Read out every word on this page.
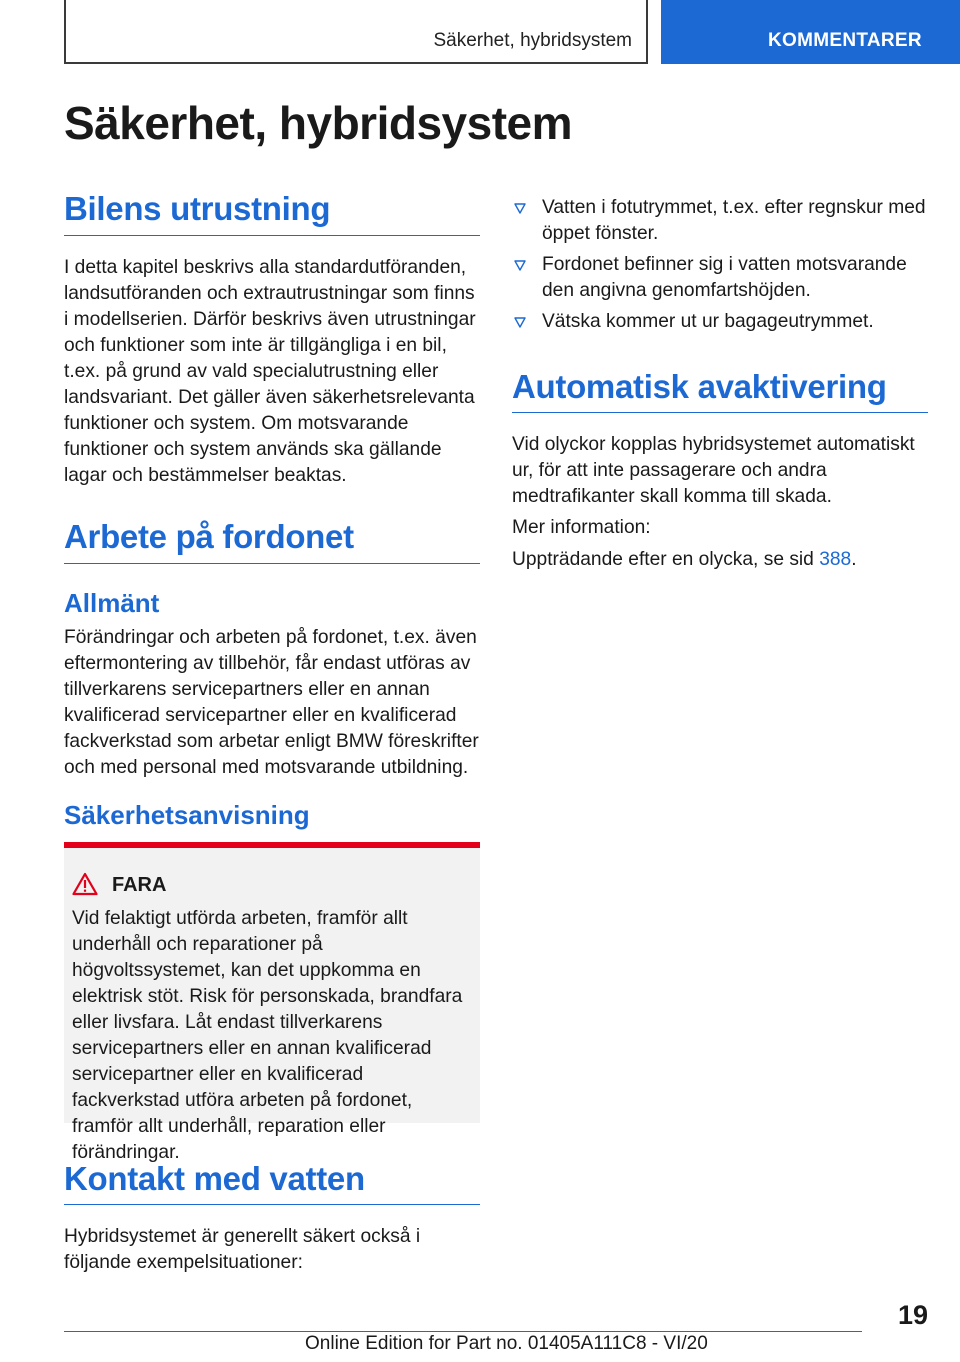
Säkerhet, hybridsystem	KOMMENTARER
Säkerhet, hybridsystem
Bilens utrustning

I detta kapitel beskrivs alla standardutföranden, landsutföranden och extrautrustningar som finns i modellserien. Därför beskrivs även utrustningar och funktioner som inte är tillgängliga i en bil, t.ex. på grund av vald specialutrustning eller landsvariant. Det gäller även säkerhetsrelevanta funktioner och system. Om motsvarande funktioner och system används ska gällande lagar och bestämmelser beaktas.

Arbete på fordonet
Allmänt

Förändringar och arbeten på fordonet, t.ex. även eftermontering av tillbehör, får endast utföras av tillverkarens servicepartners eller en annan kvalificerad servicepartner eller en kvalificerad fackverkstad som arbetar enligt BMW föreskrifter och med personal med motsvarande utbildning.

Säkerhetsanvisning
FARA

Vid felaktigt utförda arbeten, framför allt underhåll och reparationer på högvoltssystemet, kan det uppkomma en elektrisk stöt. Risk för personskada, brandfara eller livsfara. Låt endast tillverkarens servicepartners eller en annan kvalificerad servicepartner eller en kvalificerad fackverkstad utföra arbeten på fordonet, framför allt underhåll, reparation eller förändringar.

Kontakt med vatten

Hybridsystemet är generellt säkert också i följande exempelsituationer:

Vatten i fotutrymmet, t.ex. efter regnskur med öppet fönster.
Fordonet befinner sig i vatten motsvarande den angivna genomfartshöjden.
Vätska kommer ut ur bagageutrymmet.
Automatisk avaktivering

Vid olyckor kopplas hybridsystemet automatiskt ur, för att inte passagerare och andra medtrafikanter skall komma till skada.

Mer information:

Uppträdande efter en olycka, se sid 388.

19
Online Edition for Part no. 01405A111C8 - VI/20
